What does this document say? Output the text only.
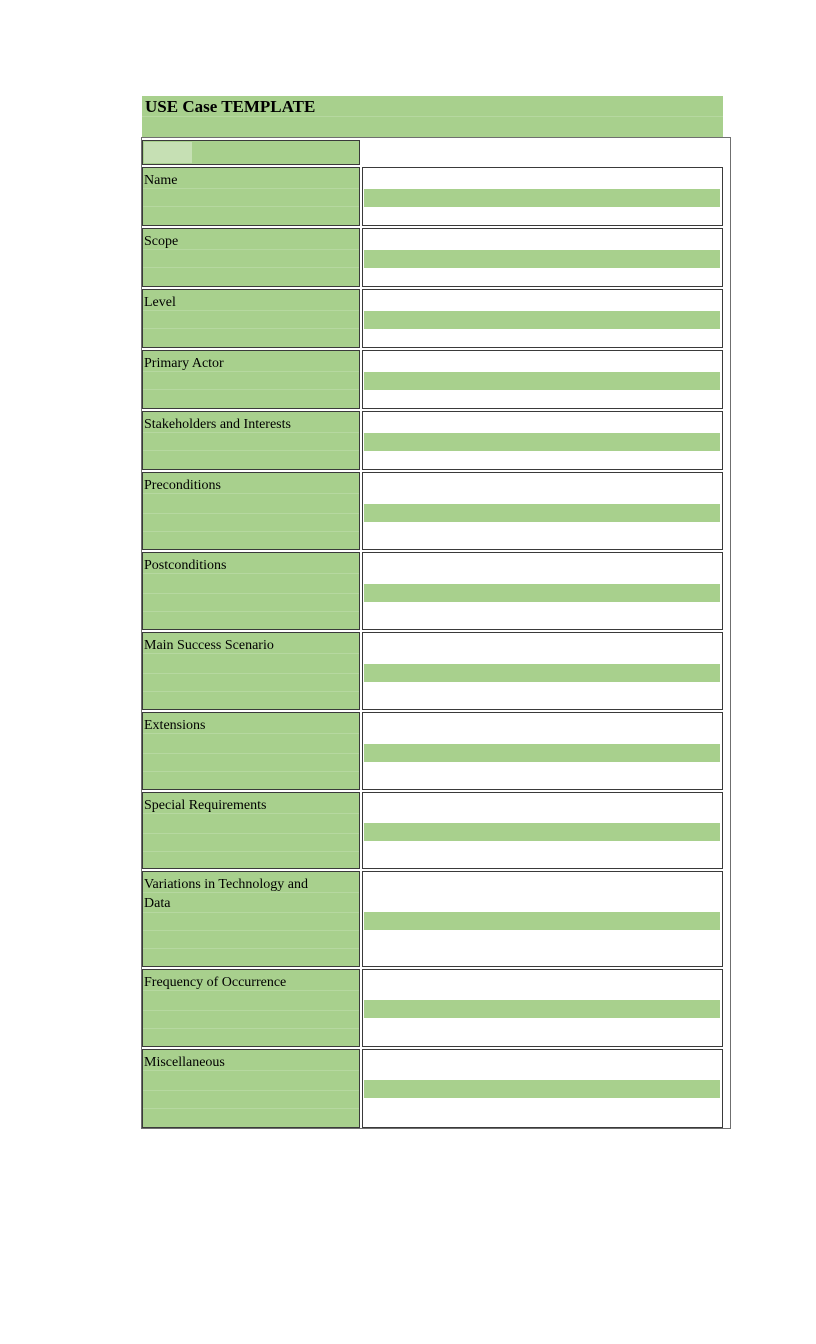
USE Case TEMPLATE
Name
Scope
Level
Primary Actor
Stakeholders and Interests
Preconditions
Postconditions
Main Success Scenario
Extensions
Special Requirements
Variations in Technology and Data
Frequency of Occurrence
Miscellaneous
